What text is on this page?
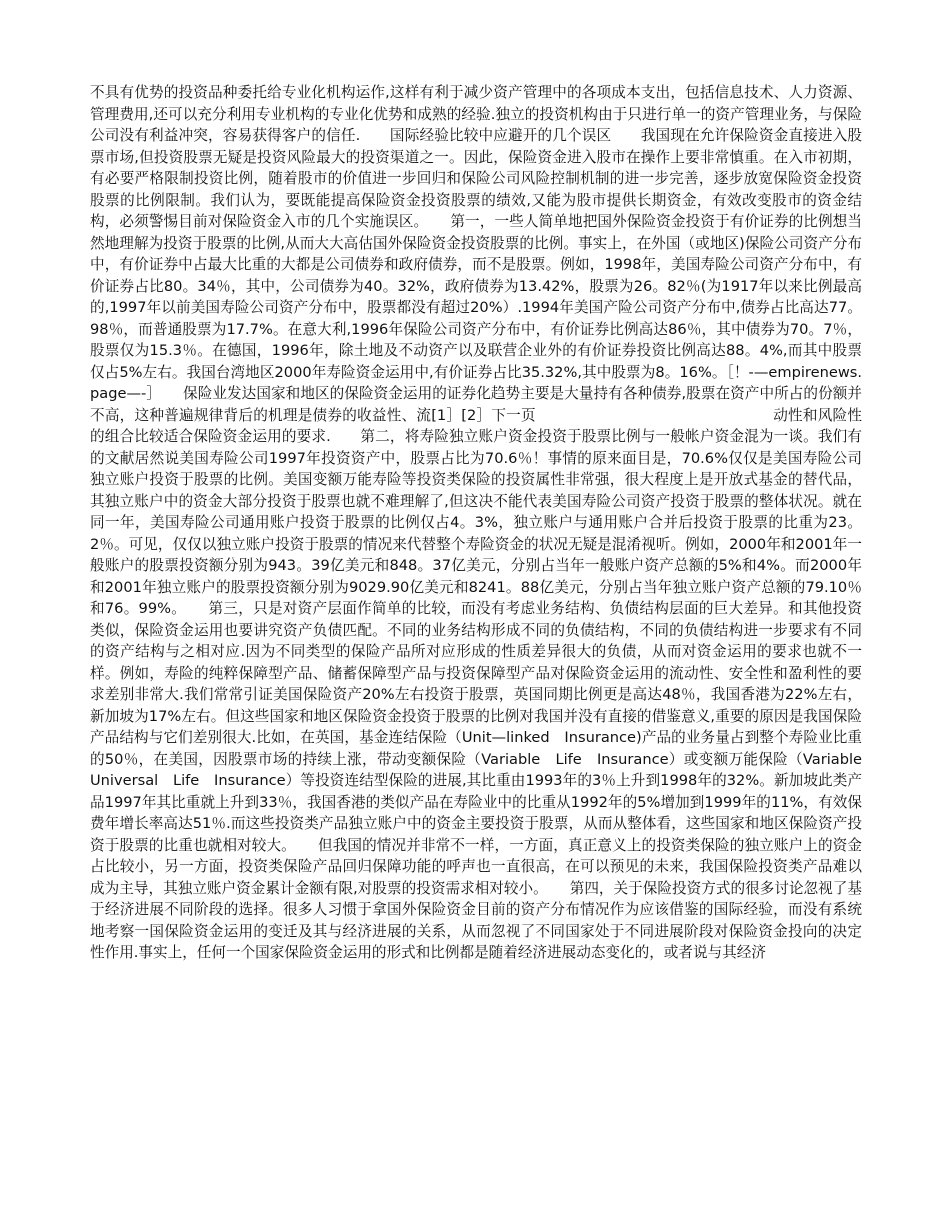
不具有优势的投资品种委托给专业化机构运作,这样有利于减少资产管理中的各项成本支出，包括信息技术、人力资源、管理费用,还可以充分利用专业机构的专业化优势和成熟的经验.独立的投资机构由于只进行单一的资产管理业务，与保险公司没有利益冲突，容易获得客户的信任.　　国际经验比较中应避开的几个误区　　我国现在允许保险资金直接进入股票市场,但投资股票无疑是投资风险最大的投资渠道之一。因此，保险资金进入股市在操作上要非常慎重。在入市初期，有必要严格限制投资比例，随着股市的价值进一步回归和保险公司风险控制机制的进一步完善，逐步放宽保险资金投资股票的比例限制。我们认为，要既能提高保险资金投资股票的绩效,又能为股市提供长期资金，有效改变股市的资金结构，必须警惕目前对保险资金入市的几个实施误区。　　第一，一些人简单地把国外保险资金投资于有价证券的比例想当然地理解为投资于股票的比例,从而大大高估国外保险资金投资股票的比例。事实上，在外国（或地区)保险公司资产分布中，有价证券中占最大比重的大都是公司债券和政府债券，而不是股票。例如，1998年，美国寿险公司资产分布中，有价证券占比80。34％，其中，公司债券为40。32%，政府债券为13.42%，股票为26。82％(为1917年以来比例最高的,1997年以前美国寿险公司资产分布中，股票都没有超过20%）.1994年美国产险公司资产分布中,债券占比高达77。98％，而普通股票为17.7%。在意大利,1996年保险公司资产分布中，有价证券比例高达86％，其中债券为70。7％，股票仅为15.3％。在德国，1996年，除土地及不动资产以及联营企业外的有价证券投资比例高达88。4%,而其中股票仅占5%左右。我国台湾地区2000年寿险资金运用中,有价证券占比35.32%,其中股票为8。16%。［！-—empirenews.page—-］　　保险业发达国家和地区的保险资金运用的证券化趋势主要是大量持有各种债券,股票在资产中所占的份额并不高，这种普遍规律背后的机理是债券的收益性、流[1］[2］下一页　　　　　　　　　　　　　　　　动性和风险性的组合比较适合保险资金运用的要求.　　第二，将寿险独立账户资金投资于股票比例与一般帐户资金混为一谈。我们有的文献居然说美国寿险公司1997年投资资产中，股票占比为70.6％！事情的原来面目是，70.6%仅仅是美国寿险公司独立账户投资于股票的比例。美国变额万能寿险等投资类保险的投资属性非常强，很大程度上是开放式基金的替代品，其独立账户中的资金大部分投资于股票也就不难理解了,但这决不能代表美国寿险公司资产投资于股票的整体状况。就在同一年，美国寿险公司通用账户投资于股票的比例仅占4。3%，独立账户与通用账户合并后投资于股票的比重为23。2％。可见，仅仅以独立账户投资于股票的情况来代替整个寿险资金的状况无疑是混淆视听。例如，2000年和2001年一般账户的股票投资额分别为943。39亿美元和848。37亿美元，分别占当年一般账户资产总额的5%和4%。而2000年和2001年独立账户的股票投资额分别为9029.90亿美元和8241。88亿美元，分别占当年独立账户资产总额的79.10％和76。99%。　　第三，只是对资产层面作简单的比较，而没有考虑业务结构、负债结构层面的巨大差异。和其他投资类似，保险资金运用也要讲究资产负债匹配。不同的业务结构形成不同的负债结构，不同的负债结构进一步要求有不同的资产结构与之相对应.因为不同类型的保险产品所对应形成的性质差异很大的负债，从而对资金运用的要求也就不一样。例如，寿险的纯粹保障型产品、储蓄保障型产品与投资保障型产品对保险资金运用的流动性、安全性和盈利性的要求差别非常大.我们常常引证美国保险资产20%左右投资于股票，英国同期比例更是高达48％，我国香港为22%左右，新加坡为17%左右。但这些国家和地区保险资金投资于股票的比例对我国并没有直接的借鉴意义,重要的原因是我国保险产品结构与它们差别很大.比如，在英国，基金连结保险（Unit—linked　Insurance)产品的业务量占到整个寿险业比重的50％，在美国，因股票市场的持续上涨，带动变额保险（Variable　Life　Insurance）或变额万能保险（Variable　Universal　Life　Insurance）等投资连结型保险的进展,其比重由1993年的3％上升到1998年的32%。新加坡此类产品1997年其比重就上升到33％，我国香港的类似产品在寿险业中的比重从1992年的5%增加到1999年的11%，有效保费年增长率高达51％.而这些投资类产品独立账户中的资金主要投资于股票，从而从整体看，这些国家和地区保险资产投资于股票的比重也就相对较大。　　但我国的情况并非常不一样，一方面，真正意义上的投资类保险的独立账户上的资金占比较小，另一方面，投资类保险产品回归保障功能的呼声也一直很高，在可以预见的未来，我国保险投资类产品难以成为主导，其独立账户资金累计金额有限,对股票的投资需求相对较小。　　第四，关于保险投资方式的很多讨论忽视了基于经济进展不同阶段的选择。很多人习惯于拿国外保险资金目前的资产分布情况作为应该借鉴的国际经验，而没有系统地考察一国保险资金运用的变迁及其与经济进展的关系，从而忽视了不同国家处于不同进展阶段对保险资金投向的决定性作用.事实上，任何一个国家保险资金运用的形式和比例都是随着经济进展动态变化的，或者说与其经济
